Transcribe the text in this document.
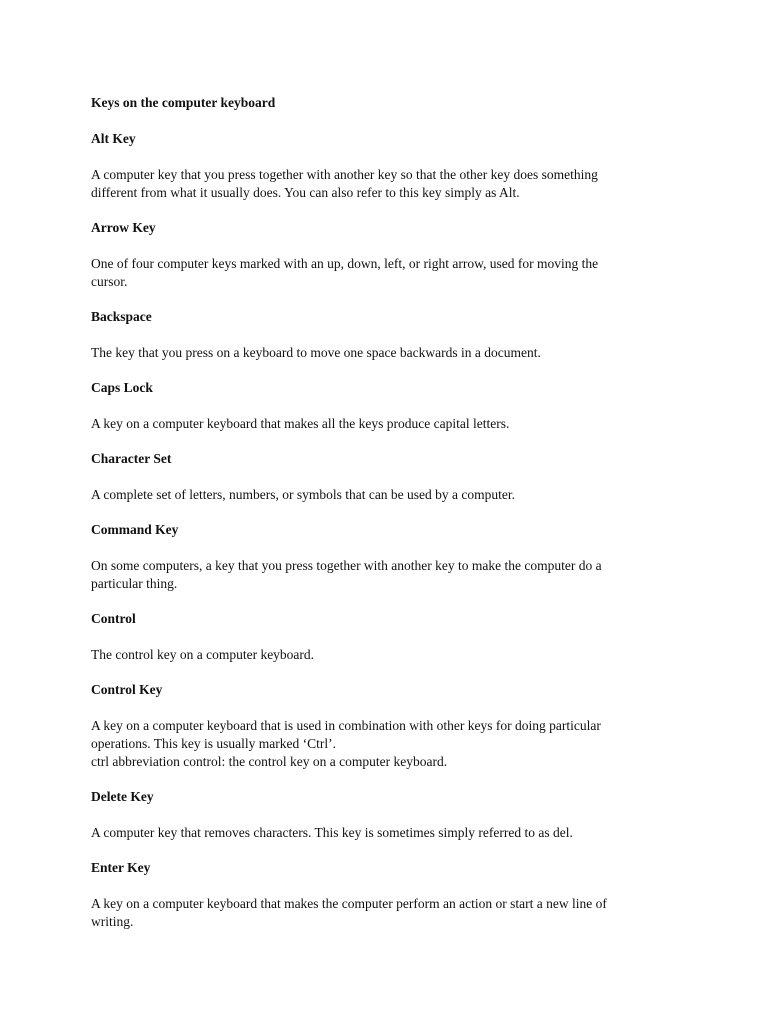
Keys on the computer keyboard
Alt Key
A computer key that you press together with another key so that the other key does something
different from what it usually does. You can also refer to this key simply as Alt.
Arrow Key
One of four computer keys marked with an up, down, left, or right arrow, used for moving the
cursor.
Backspace
The key that you press on a keyboard to move one space backwards in a document.
Caps Lock
A key on a computer keyboard that makes all the keys produce capital letters.
Character Set
A complete set of letters, numbers, or symbols that can be used by a computer.
Command Key
On some computers, a key that you press together with another key to make the computer do a
particular thing.
Control
The control key on a computer keyboard.
Control Key
A key on a computer keyboard that is used in combination with other keys for doing particular
operations. This key is usually marked ‘Ctrl’.
ctrl abbreviation control: the control key on a computer keyboard.
Delete Key
A computer key that removes characters. This key is sometimes simply referred to as del.
Enter Key
A key on a computer keyboard that makes the computer perform an action or start a new line of
writing.
